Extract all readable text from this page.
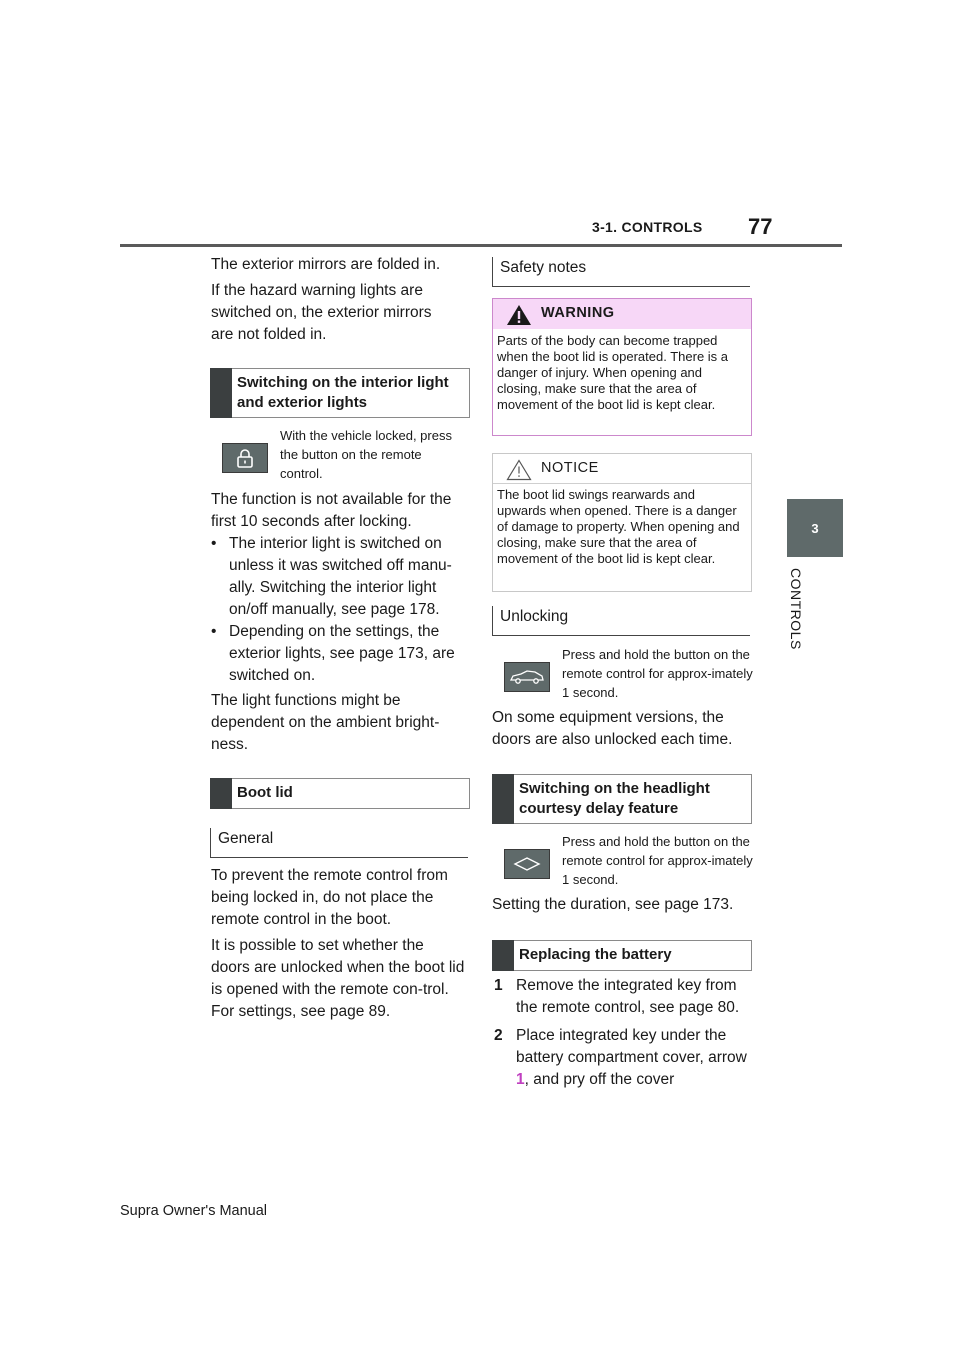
3-1. CONTROLS 77
3
CONTROLS
The exterior mirrors are folded in.
If the hazard warning lights are switched on, the exterior mirrors are not folded in.
Switching on the interior light and exterior lights
With the vehicle locked, press the button on the remote control.
The function is not available for the first 10 seconds after locking.
• The interior light is switched on unless it was switched off manu-ally. Switching the interior light on/off manually, see page 178.
• Depending on the settings, the exterior lights, see page 173, are switched on.
The light functions might be dependent on the ambient bright-ness.
Boot lid
General
To prevent the remote control from being locked in, do not place the remote control in the boot.
It is possible to set whether the doors are unlocked when the boot lid is opened with the remote con-trol. For settings, see page 89.
Safety notes
WARNING
Parts of the body can become trapped when the boot lid is operated. There is a danger of injury. When opening and closing, make sure that the area of movement of the boot lid is kept clear.
NOTICE
The boot lid swings rearwards and upwards when opened. There is a danger of damage to property. When opening and closing, make sure that the area of movement of the boot lid is kept clear.
Unlocking
Press and hold the button on the remote control for approx-imately 1 second.
On some equipment versions, the doors are also unlocked each time.
Switching on the headlight courtesy delay feature
Press and hold the button on the remote control for approx-imately 1 second.
Setting the duration, see page 173.
Replacing the battery
1 Remove the integrated key from the remote control, see page 80.
2 Place integrated key under the battery compartment cover, arrow 1, and pry off the cover
Supra Owner's Manual
